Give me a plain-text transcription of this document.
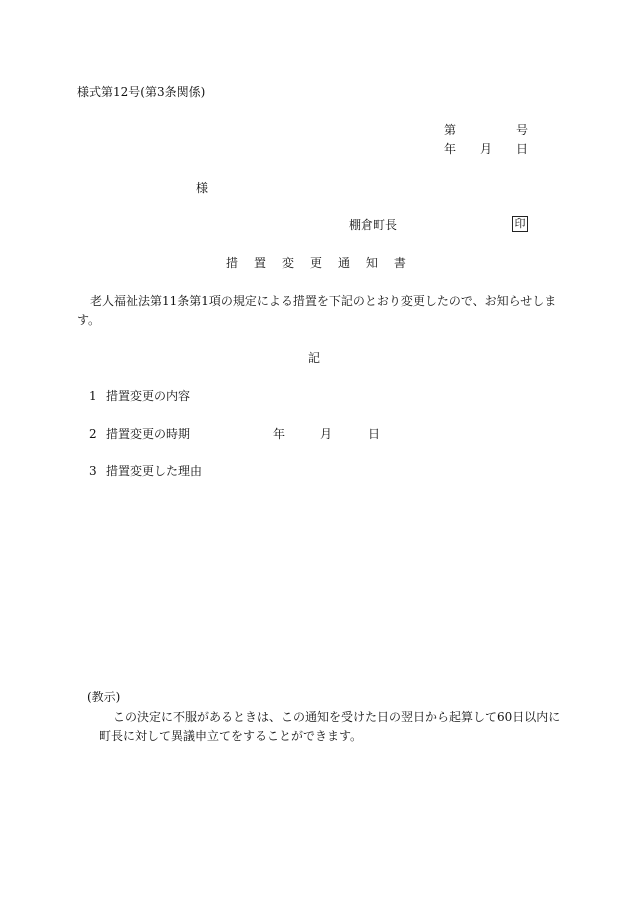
様式第12号(第3条関係)
第	号
年 月 日
様
棚倉町長	印
措 置 変 更 通 知 書
老人福祉法第11条第1項の規定による措置を下記のとおり変更したので、お知らせしま
す。
記
1 措置変更の内容
2 措置変更の時期	年	月	日
3 措置変更した理由
(教示)
この決定に不服があるときは、この通知を受けた日の翌日から起算して60日以内に
町長に対して異議申立てをすることができます。
